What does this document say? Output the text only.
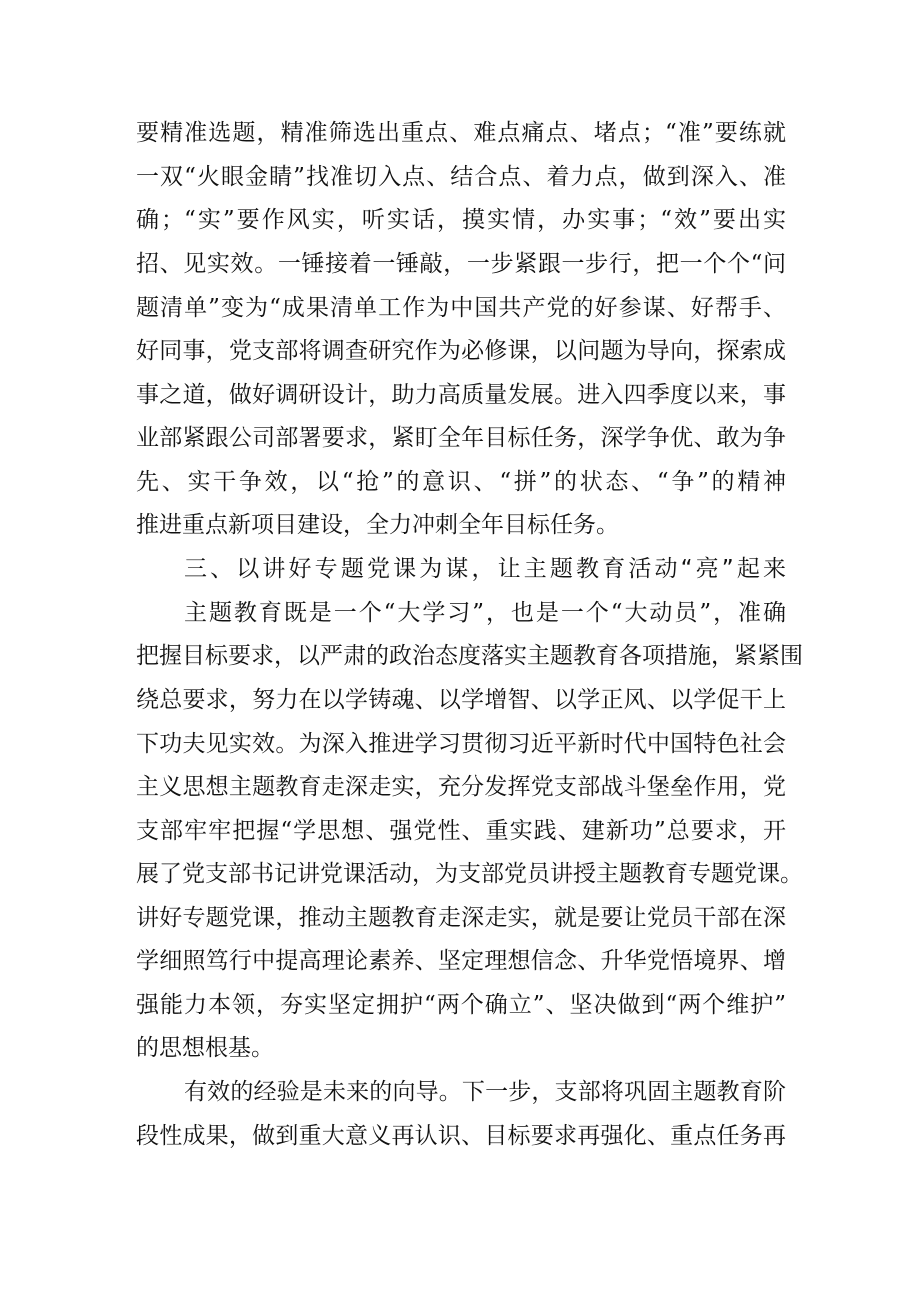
要精准选题，精准筛选出重点、难点痛点、堵点；“准”要练就
一双“火眼金睛”找准切入点、结合点、着力点，做到深入、准
确；“实”要作风实，听实话，摸实情，办实事；“效”要出实
招、见实效。一锤接着一锤敲，一步紧跟一步行，把一个个“问
题清单”变为“成果清单工作为中国共产党的好参谋、好帮手、
好同事，党支部将调查研究作为必修课，以问题为导向，探索成
事之道，做好调研设计，助力高质量发展。进入四季度以来，事
业部紧跟公司部署要求，紧盯全年目标任务，深学争优、敢为争
先、实干争效，以“抢”的意识、“拼”的状态、“争”的精神
推进重点新项目建设，全力冲刺全年目标任务。
三、以讲好专题党课为谋，让主题教育活动“亮”起来
主题教育既是一个“大学习”，也是一个“大动员”，准确
把握目标要求，以严肃的政治态度落实主题教育各项措施，紧紧围
绕总要求，努力在以学铸魂、以学增智、以学正风、以学促干上
下功夫见实效。为深入推进学习贯彻习近平新时代中国特色社会
主义思想主题教育走深走实，充分发挥党支部战斗堡垒作用，党
支部牢牢把握“学思想、强党性、重实践、建新功”总要求，开
展了党支部书记讲党课活动，为支部党员讲授主题教育专题党课。
讲好专题党课，推动主题教育走深走实，就是要让党员干部在深
学细照笃行中提高理论素养、坚定理想信念、升华党悟境界、增
强能力本领，夯实坚定拥护“两个确立”、坚决做到“两个维护”
的思想根基。
有效的经验是未来的向导。下一步，支部将巩固主题教育阶
段性成果，做到重大意义再认识、目标要求再强化、重点任务再
